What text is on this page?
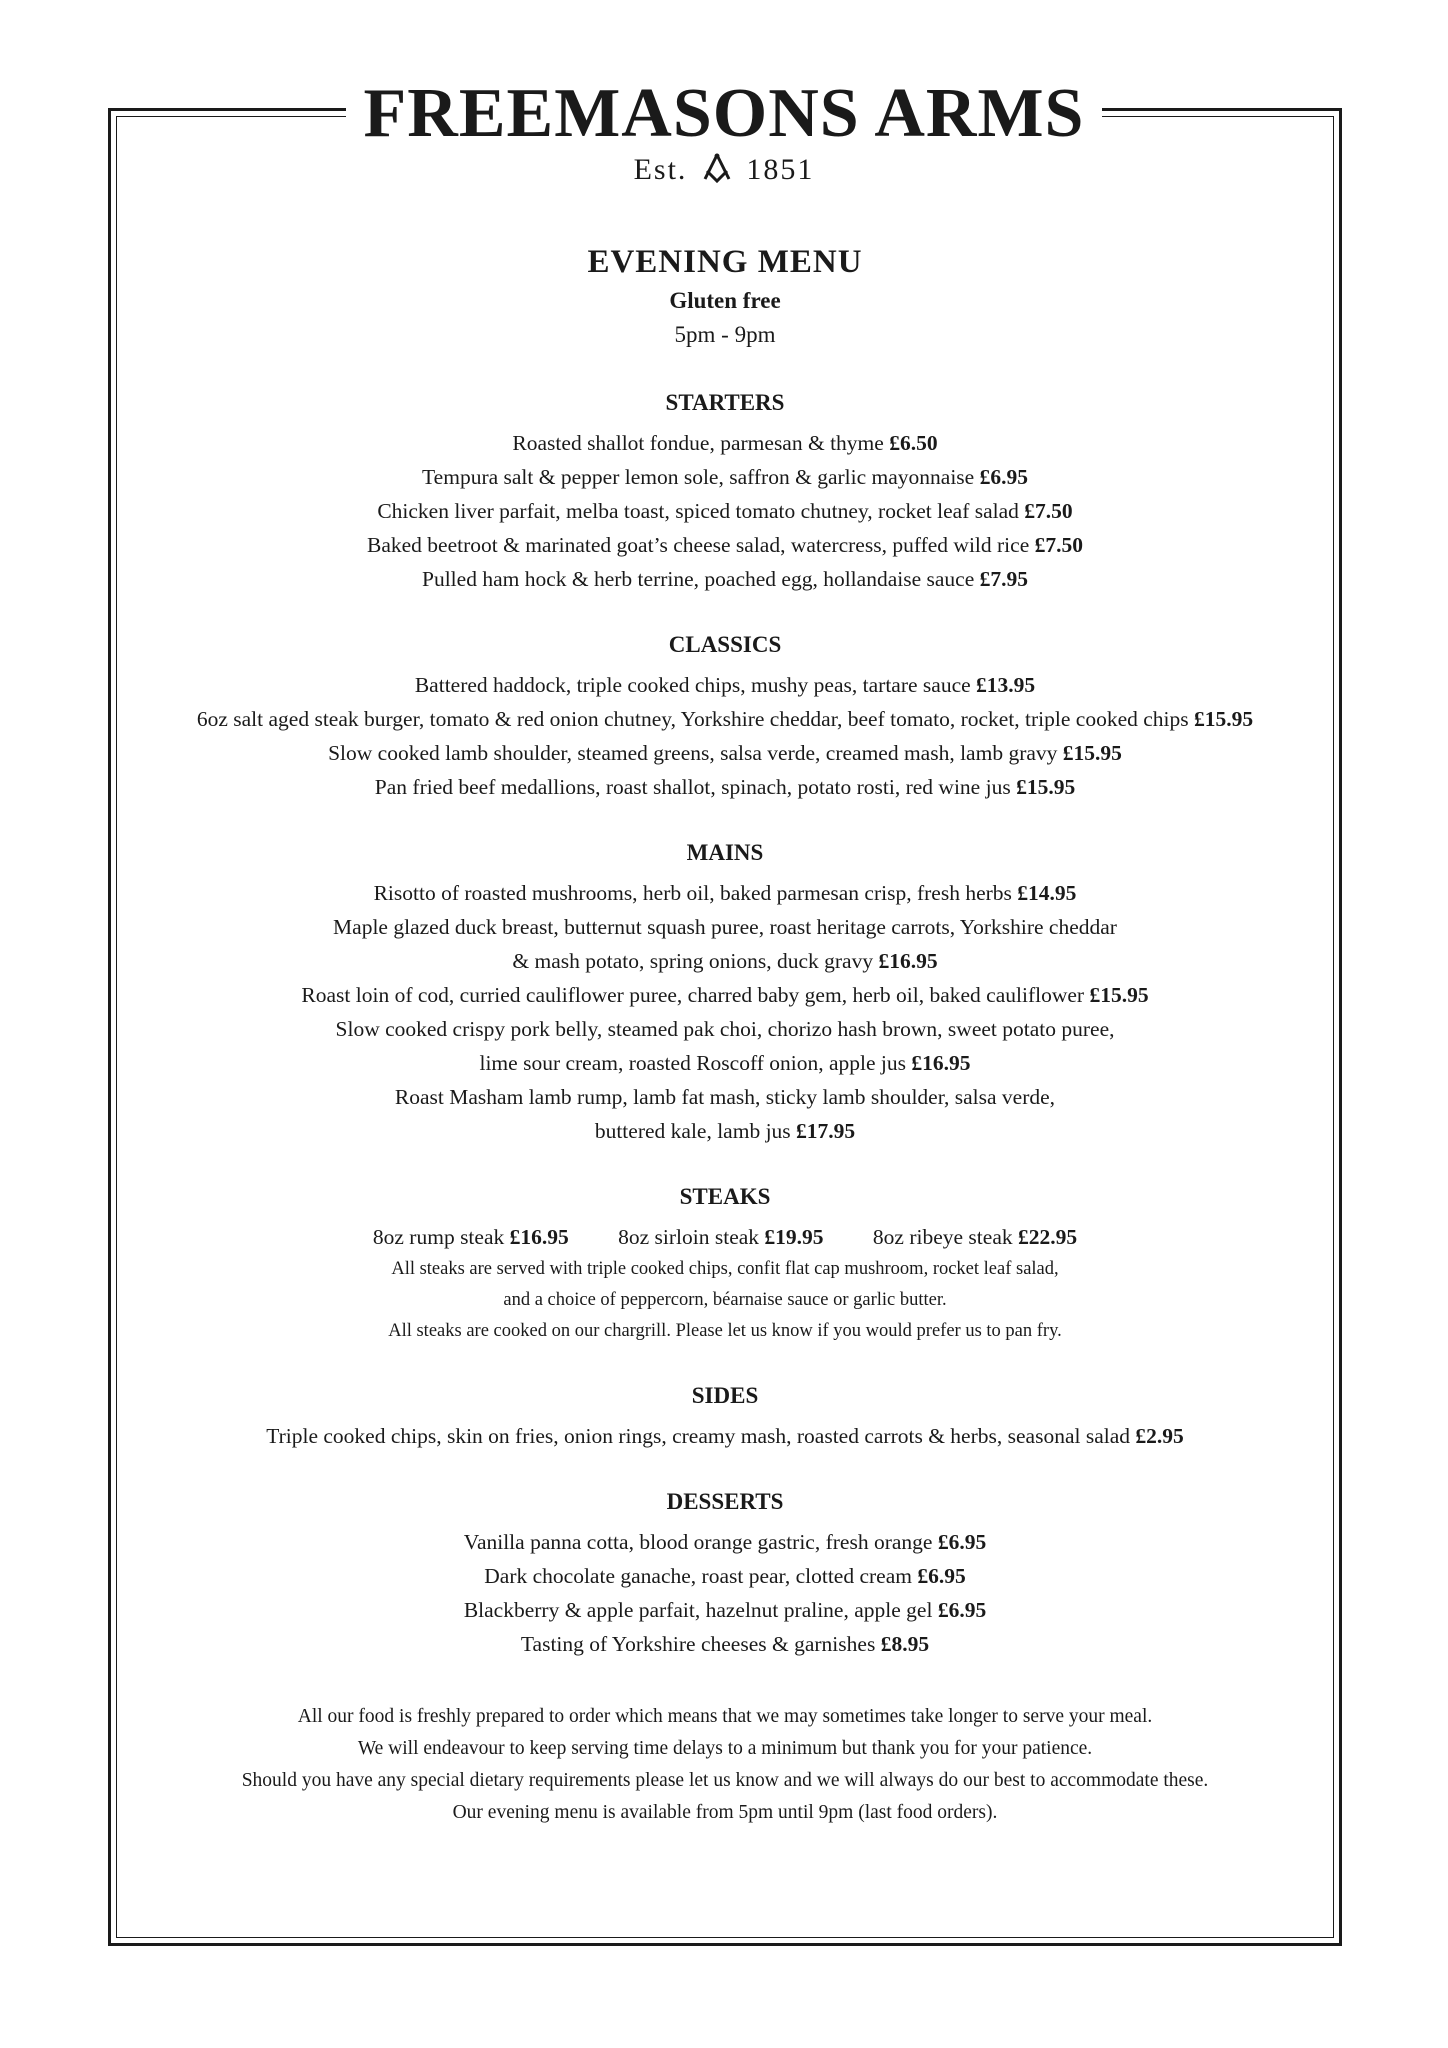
FREEMASONS ARMS
Est. 1851
EVENING MENU
Gluten free
5pm - 9pm
STARTERS
Roasted shallot fondue, parmesan & thyme £6.50
Tempura salt & pepper lemon sole, saffron & garlic mayonnaise £6.95
Chicken liver parfait, melba toast, spiced tomato chutney, rocket leaf salad £7.50
Baked beetroot & marinated goat’s cheese salad, watercress, puffed wild rice £7.50
Pulled ham hock & herb terrine, poached egg, hollandaise sauce £7.95
CLASSICS
Battered haddock, triple cooked chips, mushy peas, tartare sauce £13.95
6oz salt aged steak burger, tomato & red onion chutney, Yorkshire cheddar, beef tomato, rocket, triple cooked chips £15.95
Slow cooked lamb shoulder, steamed greens, salsa verde, creamed mash, lamb gravy £15.95
Pan fried beef medallions, roast shallot, spinach, potato rosti, red wine jus £15.95
MAINS
Risotto of roasted mushrooms, herb oil, baked parmesan crisp, fresh herbs £14.95
Maple glazed duck breast, butternut squash puree, roast heritage carrots, Yorkshire cheddar
& mash potato, spring onions, duck gravy £16.95
Roast loin of cod, curried cauliflower puree, charred baby gem, herb oil, baked cauliflower £15.95
Slow cooked crispy pork belly, steamed pak choi, chorizo hash brown, sweet potato puree,
lime sour cream, roasted Roscoff onion, apple jus £16.95
Roast Masham lamb rump, lamb fat mash, sticky lamb shoulder, salsa verde,
buttered kale, lamb jus £17.95
STEAKS
8oz rump steak £16.95 8oz sirloin steak £19.95 8oz ribeye steak £22.95
All steaks are served with triple cooked chips, confit flat cap mushroom, rocket leaf salad,
and a choice of peppercorn, béarnaise sauce or garlic butter.
All steaks are cooked on our chargrill. Please let us know if you would prefer us to pan fry.
SIDES
Triple cooked chips, skin on fries, onion rings, creamy mash, roasted carrots & herbs, seasonal salad £2.95
DESSERTS
Vanilla panna cotta, blood orange gastric, fresh orange £6.95
Dark chocolate ganache, roast pear, clotted cream £6.95
Blackberry & apple parfait, hazelnut praline, apple gel £6.95
Tasting of Yorkshire cheeses & garnishes £8.95
All our food is freshly prepared to order which means that we may sometimes take longer to serve your meal.
We will endeavour to keep serving time delays to a minimum but thank you for your patience.
Should you have any special dietary requirements please let us know and we will always do our best to accommodate these.
Our evening menu is available from 5pm until 9pm (last food orders).
